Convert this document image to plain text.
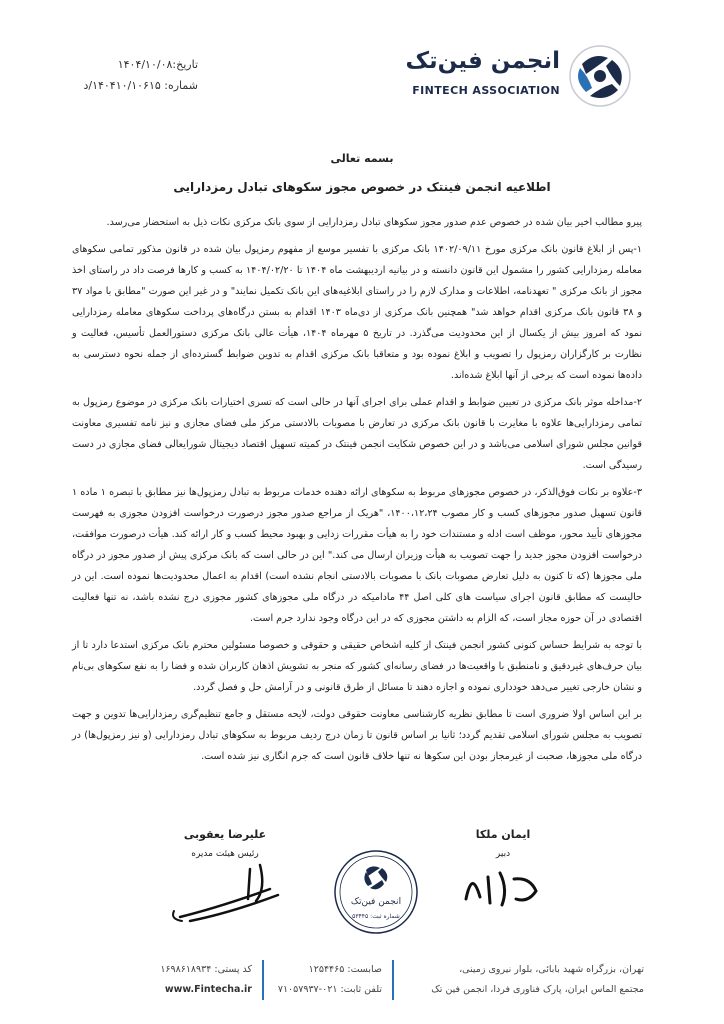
انجمن فین‌تک
FINTECH ASSOCIATION
تاریخ:۱۴۰۴/۱۰/۰۸
شماره: ۱۴۰۴۱۰/۱۰۶۱۵/د
بسمه تعالی
اطلاعیه انجمن فینتک در خصوص مجوز سکوهای تبادل رمزدارایی

پیرو مطالب اخیر بیان شده در خصوص عدم صدور مجوز سکوهای تبادل رمزدارایی از سوی بانک مرکزی نکات ذیل به استحضار می‌رسد.

۱-پس از ابلاغ قانون بانک مرکزی مورخ ۱۴۰۲/۰۹/۱۱ بانک مرکزی با تفسیر موسع از مفهوم رمزپول بیان شده در قانون مذکور تمامی سکوهای معامله رمزدارایی کشور را مشمول این قانون دانسته و در بیانیه اردیبهشت ماه ۱۴۰۴ تا ۱۴۰۴/۰۲/۲۰ به کسب و کارها فرصت داد در راستای اخذ مجوز از بانک مرکزی " تعهدنامه، اطلاعات و مدارک لازم را در راستای ابلاغیه‌های این بانک تکمیل نمایند" و در غیر این صورت "مطابق با مواد ۳۷ و ۳۸ قانون بانک مرکزی اقدام خواهد شد" همچنین بانک مرکزی از دی‌ماه ۱۴۰۳ اقدام به بستن درگاه‌های پرداخت سکوهای معامله رمزدارایی نمود که امروز بیش از یکسال از این محدودیت می‌گذرد. در تاریخ ۵ مهرماه ۱۴۰۴، هیأت عالی بانک مرکزی دستورالعمل تأسیس، فعالیت و نظارت بر کارگزاران رمزپول را تصویب و ابلاغ نموده بود و متعاقبا بانک مرکزی اقدام به تدوین ضوابط گسترده‌ای از جمله نحوه دسترسی به داده‌ها نموده است که برخی از آنها ابلاغ شده‌اند.

۲-مداخله موثر بانک مرکزی در تعیین ضوابط و اقدام عملی برای اجرای آنها در حالی است که تسری اختیارات بانک مرکزی در موضوع رمزپول به تمامی رمزدارایی‌ها علاوه با مغایرت با قانون بانک مرکزی در تعارض با مصوبات بالادستی مرکز ملی فضای مجازی و نیز نامه تفسیری معاونت قوانین مجلس شورای اسلامی می‌باشد و در این خصوص شکایت انجمن فینتک در کمیته تسهیل اقتصاد دیجیتال شورایعالی فضای مجازی در دست رسیدگی است.

۳-علاوه بر نکات فوق‌الذکر، در خصوص مجوزهای مربوط به سکوهای ارائه دهنده خدمات مربوط به تبادل رمزپول‌ها نیز مطابق با تبصره ۱ ماده ۱ قانون تسهیل صدور مجوزهای کسب و کار مصوب ۱۴۰۰،۱۲،۲۴، "هریک از مراجع صدور مجوز درصورت درخواست افزودن مجوزی به فهرست مجوزهای تأیید محور، موظف است ادله و مستندات خود را به هیأت مقررات زدایی و بهبود محیط کسب و کار ارائه کند. هیأت درصورت موافقت، درخواست افزودن مجوز جدید را جهت تصویب به هیأت وزیران ارسال می کند." این در حالی است که بانک مرکزی پیش از صدور مجوز در درگاه ملی مجوزها (که تا کنون به دلیل تعارض مصوبات بانک با مصوبات بالادستی انجام نشده است) اقدام به اعمال محدودیت‌ها نموده است. این در حالیست که مطابق قانون اجرای سیاست های کلی اصل ۴۴ مادامیکه در درگاه ملی مجوزهای کشور مجوزی درج نشده باشد، نه تنها فعالیت اقتصادی در آن حوزه مجاز است، که الزام به داشتن مجوزی که در این درگاه وجود ندارد جرم است.

با توجه به شرایط حساس کنونی کشور انجمن فینتک از کلیه اشخاص حقیقی و حقوقی و خصوصا مسئولین محترم بانک مرکزی استدعا دارد تا از بیان حرف‌های غیردقیق و نامنطبق با واقعیت‌ها در فضای رسانه‌ای کشور که منجر به تشویش اذهان کاربران شده و فضا را به نفع سکوهای بی‌نام و نشان خارجی تغییر می‌دهد خودداری نموده و اجازه دهند تا مسائل از طرق قانونی و در آرامش حل و فصل گردد.

بر این اساس اولا ضروری است تا مطابق نظریه کارشناسی معاونت حقوقی دولت، لایحه مستقل و جامع تنظیم‌گری رمزدارایی‌ها تدوین و جهت تصویب به مجلس شورای اسلامی تقدیم گردد؛ ثانیا بر اساس قانون تا زمان درج ردیف مربوط به سکوهای تبادل رمزدارایی (و نیز رمزپول‌ها) در درگاه ملی مجوزها، صحبت از غیرمجاز بودن این سکوها نه تنها خلاف قانون است که جرم انگاری نیز شده است.

ایمان ملکا
دبیر
انجمن فین‌تک
شماره ثبت: ۵۳۴۴۵
علیرضا یعقوبی
رئیس هیئت مدیره
تهران، بزرگراه شهید بابائی، بلوار نیروی زمینی،
مجتمع الماس ایران، پارک فناوری فردا، انجمن فین تک
صابست: ۱۲۵۴۴۶۵
تلفن ثابت: ۰۲۱-۷۱۰۵۷۹۳۷
کد پستی: ۱۶۹۸۶۱۸۹۳۴
www.Fintecha.ir
